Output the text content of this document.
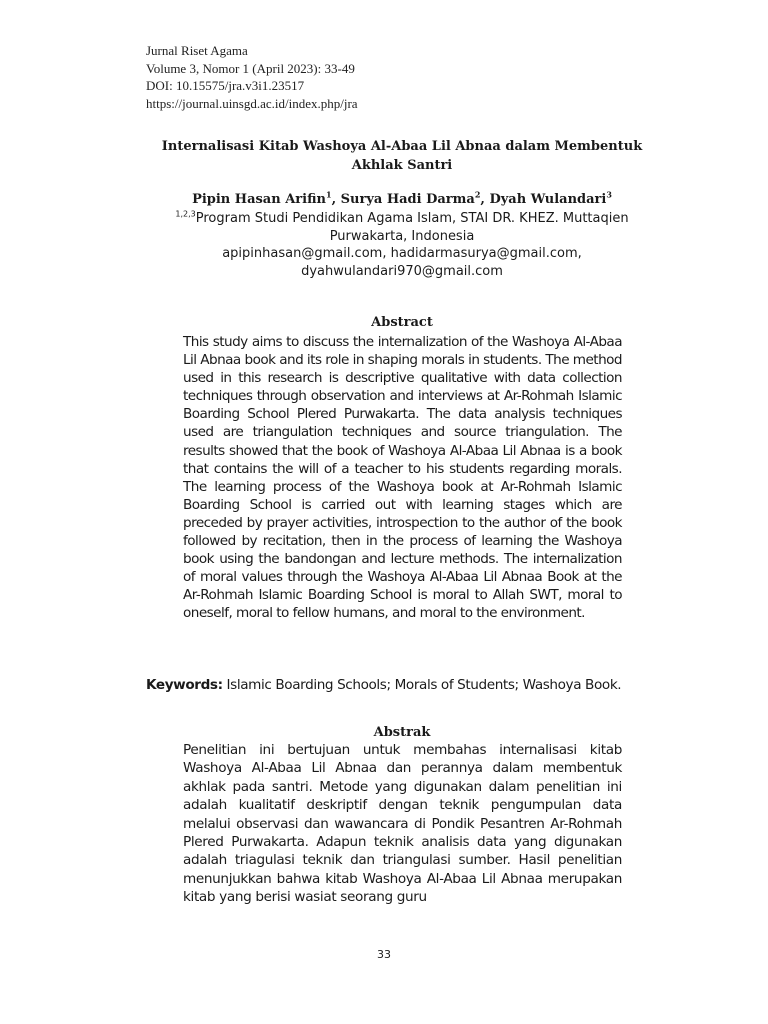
Jurnal Riset Agama
Volume 3, Nomor 1 (April 2023): 33-49
DOI: 10.15575/jra.v3i1.23517
https://journal.uinsgd.ac.id/index.php/jra
Internalisasi Kitab Washoya Al-Abaa Lil Abnaa dalam Membentuk
Akhlak Santri
Pipin Hasan Arifin$^1$, Surya Hadi Darma$^2$, Dyah Wulandari$^3$
$^{1,2,3}$Program Studi Pendidikan Agama Islam, STAI DR. KHEZ. Muttaqien
Purwakarta, Indonesia
apipinhasan@gmail.com, hadidarmasurya@gmail.com,
dyahwulandari970@gmail.com
Abstract
This study aims to discuss the internalization of the Washoya Al-Abaa Lil Abnaa book and its role in shaping morals in students. The method used in this research is descriptive qualitative with data collection techniques through observation and interviews at Ar-Rohmah Islamic Boarding School Plered Purwakarta. The data analysis techniques used are triangulation techniques and source triangulation. The results showed that the book of Washoya Al-Abaa Lil Abnaa is a book that contains the will of a teacher to his students regarding morals. The learning process of the Washoya book at Ar-Rohmah Islamic Boarding School is carried out with learning stages which are preceded by prayer activities, introspection to the author of the book followed by recitation, then in the process of learning the Washoya book using the bandongan and lecture methods. The internalization of moral values through the Washoya Al-Abaa Lil Abnaa Book at the Ar-Rohmah Islamic Boarding School is moral to Allah SWT, moral to oneself, moral to fellow humans, and moral to the environment.
Keywords: Islamic Boarding Schools; Morals of Students; Washoya Book.
Abstrak
Penelitian ini bertujuan untuk membahas internalisasi kitab Washoya Al-Abaa Lil Abnaa dan perannya dalam membentuk akhlak pada santri. Metode yang digunakan dalam penelitian ini adalah kualitatif deskriptif dengan teknik pengumpulan data melalui observasi dan wawancara di Pondik Pesantren Ar-Rohmah Plered Purwakarta. Adapun teknik analisis data yang digunakan adalah triagulasi teknik dan triangulasi sumber. Hasil penelitian menunjukkan bahwa kitab Washoya Al-Abaa Lil Abnaa merupakan kitab yang berisi wasiat seorang guru
33
